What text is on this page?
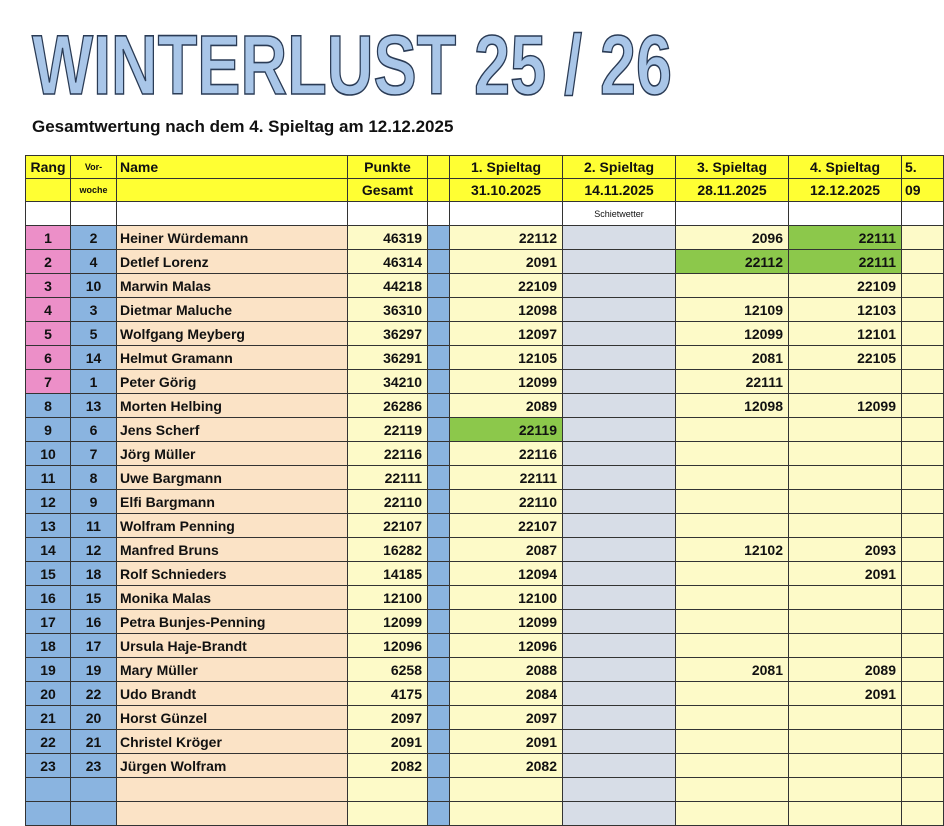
WINTERLUST 25 / 26
Gesamtwertung nach dem 4. Spieltag am 12.12.2025
Rang	Vor-	Name	Punkte		1. Spieltag	2. Spieltag	3. Spieltag	4. Spieltag	5.
	woche		Gesamt		31.10.2025	14.11.2025	28.11.2025	12.12.2025	09
						Schietwetter			
1	2	Heiner Würdemann	46319		22112		2096	22111	
2	4	Detlef Lorenz	46314		2091		22112	22111	
3	10	Marwin Malas	44218		22109			22109	
4	3	Dietmar Maluche	36310		12098		12109	12103	
5	5	Wolfgang Meyberg	36297		12097		12099	12101	
6	14	Helmut Gramann	36291		12105		2081	22105	
7	1	Peter Görig	34210		12099		22111		
8	13	Morten Helbing	26286		2089		12098	12099	
9	6	Jens Scherf	22119		22119				
10	7	Jörg Müller	22116		22116				
11	8	Uwe Bargmann	22111		22111				
12	9	Elfi Bargmann	22110		22110				
13	11	Wolfram Penning	22107		22107				
14	12	Manfred Bruns	16282		2087		12102	2093	
15	18	Rolf Schnieders	14185		12094			2091	
16	15	Monika Malas	12100		12100				
17	16	Petra Bunjes-Penning	12099		12099				
18	17	Ursula Haje-Brandt	12096		12096				
19	19	Mary Müller	6258		2088		2081	2089	
20	22	Udo Brandt	4175		2084			2091	
21	20	Horst Günzel	2097		2097				
22	21	Christel Kröger	2091		2091				
23	23	Jürgen Wolfram	2082		2082				
